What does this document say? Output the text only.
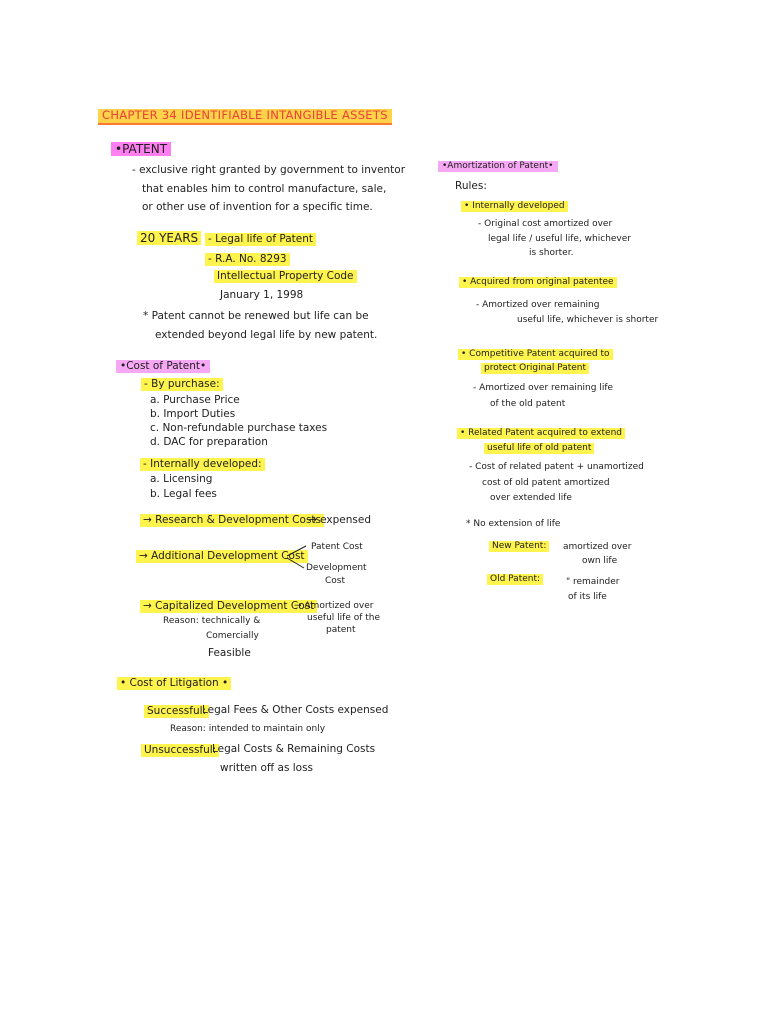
CHAPTER 34 IDENTIFIABLE INTANGIBLE ASSETS
•PATENT
- exclusive right granted by government to inventor
that enables him to control manufacture, sale,
or other use of invention for a specific time.
20 YEARS - Legal life of Patent
- R.A. No. 8293
Intellectual Property Code
January 1, 1998
* Patent cannot be renewed but life can be
extended beyond legal life by new patent.
•Cost of Patent•
- By purchase:
a. Purchase Price
b. Import Duties
c. Non-refundable purchase taxes
d. DAC for preparation
- Internally developed:
a. Licensing
b. Legal fees
→ Research & Development Costs
→ expensed
→ Additional Development Cost
Patent Cost
Development
Cost
→ Capitalized Development Cost
→ Amortized over
useful life of the
patent
Reason: technically &
Comercially
Feasible
• Cost of Litigation •
Successful:
Legal Fees & Other Costs expensed
Reason: intended to maintain only
Unsuccessful:
Legal Costs & Remaining Costs
written off as loss
•Amortization of Patent•
Rules:
• Internally developed
- Original cost amortized over
legal life / useful life, whichever
is shorter.
• Acquired from original patentee
- Amortized over remaining
useful life, whichever is shorter
• Competitive Patent acquired to
protect Original Patent
- Amortized over remaining life
of the old patent
• Related Patent acquired to extend
useful life of old patent
- Cost of related patent + unamortized
cost of old patent amortized
over extended life
* No extension of life
New Patent:	amortized over
own life
Old Patent:	" remainder
of its life
